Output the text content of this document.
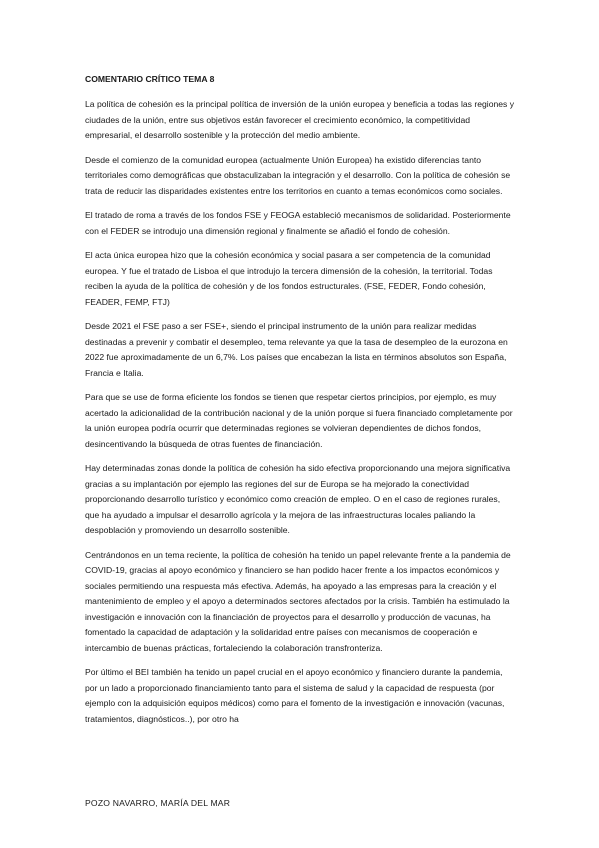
COMENTARIO CRÍTICO TEMA 8

La política de cohesión es la principal política de inversión de la unión europea y beneficia a todas las regiones y ciudades de la unión, entre sus objetivos están favorecer el crecimiento económico, la competitividad empresarial, el desarrollo sostenible y la protección del medio ambiente.

Desde el comienzo de la comunidad europea (actualmente Unión Europea) ha existido diferencias tanto territoriales como demográficas que obstaculizaban la integración y el desarrollo. Con la política de cohesión se trata de reducir las disparidades existentes entre los territorios en cuanto a temas económicos como sociales.

El tratado de roma a través de los fondos FSE y FEOGA estableció mecanismos de solidaridad. Posteriormente con el FEDER se introdujo una dimensión regional y finalmente se añadió el fondo de cohesión.

El acta única europea hizo que la cohesión económica y social pasara a ser competencia de la comunidad europea. Y fue el tratado de Lisboa el que introdujo la tercera dimensión de la cohesión, la territorial. Todas reciben la ayuda de la política de cohesión y de los fondos estructurales. (FSE, FEDER, Fondo cohesión, FEADER, FEMP, FTJ)

Desde 2021 el FSE paso a ser FSE+, siendo el principal instrumento de la unión para realizar medidas destinadas a prevenir y combatir el desempleo, tema relevante ya que la tasa de desempleo de la eurozona en 2022 fue aproximadamente de un 6,7%. Los países que encabezan la lista en términos absolutos son España, Francia e Italia.

Para que se use de forma eficiente los fondos se tienen que respetar ciertos principios, por ejemplo, es muy acertado la adicionalidad de la contribución nacional y de la unión porque si fuera financiado completamente por la unión europea podría ocurrir que determinadas regiones se volvieran dependientes de dichos fondos, desincentivando la búsqueda de otras fuentes de financiación.

Hay determinadas zonas donde la política de cohesión ha sido efectiva proporcionando una mejora significativa gracias a su implantación por ejemplo las regiones del sur de Europa se ha mejorado la conectividad proporcionando desarrollo turístico y económico como creación de empleo. O en el caso de regiones rurales, que ha ayudado a impulsar el desarrollo agrícola y la mejora de las infraestructuras locales paliando la despoblación y promoviendo un desarrollo sostenible.

Centrándonos en un tema reciente, la política de cohesión ha tenido un papel relevante frente a la pandemia de COVID-19, gracias al apoyo económico y financiero se han podido hacer frente a los impactos económicos y sociales permitiendo una respuesta más efectiva. Además, ha apoyado a las empresas para la creación y el mantenimiento de empleo y el apoyo a determinados sectores afectados por la crisis. También ha estimulado la investigación e innovación con la financiación de proyectos para el desarrollo y producción de vacunas, ha fomentado la capacidad de adaptación y la solidaridad entre países con mecanismos de cooperación e intercambio de buenas prácticas, fortaleciendo la colaboración transfronteriza.

Por último el BEI también ha tenido un papel crucial en el apoyo económico y financiero durante la pandemia, por un lado a proporcionado financiamiento tanto para el sistema de salud y la capacidad de respuesta (por ejemplo con la adquisición equipos médicos) como para el fomento de la investigación e innovación (vacunas, tratamientos, diagnósticos..), por otro ha

POZO NAVARRO, MARÍA DEL MAR
